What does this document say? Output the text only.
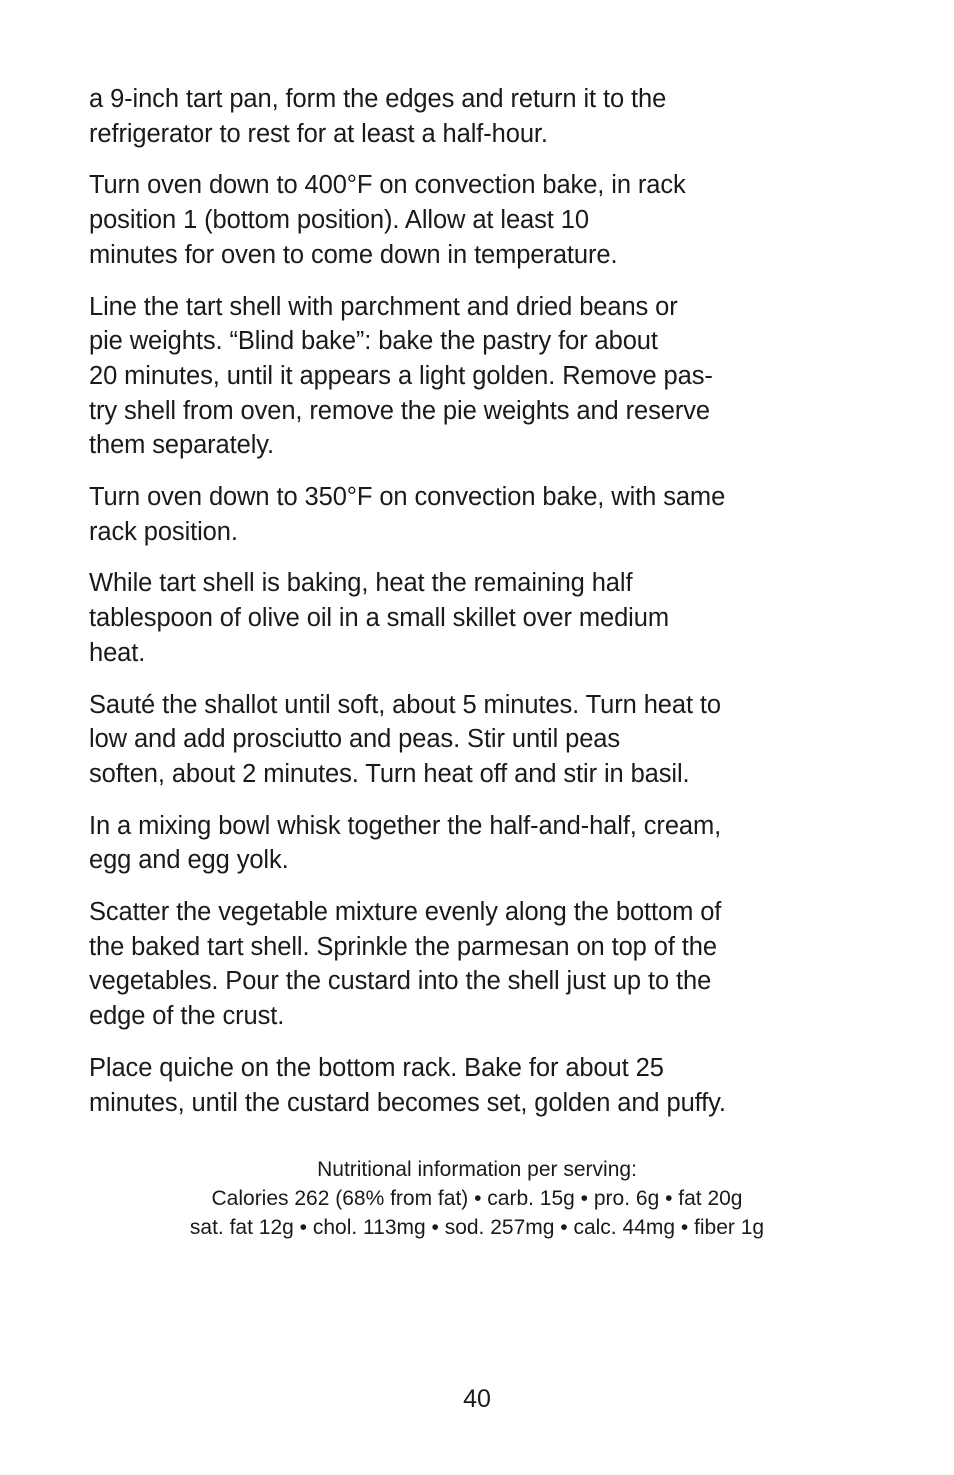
a 9-inch tart pan, form the edges and return it to the
refrigerator to rest for at least a half-hour.

Turn oven down to 400°F on convection bake, in rack
position 1 (bottom position). Allow at least 10
minutes for oven to come down in temperature.

Line the tart shell with parchment and dried beans or
pie weights. “Blind bake”: bake the pastry for about
20 minutes, until it appears a light golden. Remove pas-
try shell from oven, remove the pie weights and reserve
them separately.

Turn oven down to 350°F on convection bake, with same
rack position.

While tart shell is baking, heat the remaining half
tablespoon of olive oil in a small skillet over medium
heat.

Sauté the shallot until soft, about 5 minutes. Turn heat to
low and add prosciutto and peas. Stir until peas
soften, about 2 minutes. Turn heat off and stir in basil.

In a mixing bowl whisk together the half-and-half, cream,
egg and egg yolk.

Scatter the vegetable mixture evenly along the bottom of
the baked tart shell. Sprinkle the parmesan on top of the
vegetables. Pour the custard into the shell just up to the
edge of the crust.

Place quiche on the bottom rack. Bake for about 25
minutes, until the custard becomes set, golden and puffy.

Nutritional information per serving:
Calories 262 (68% from fat) • carb. 15g • pro. 6g • fat 20g
sat. fat 12g • chol. 113mg • sod. 257mg • calc. 44mg • fiber 1g
40
